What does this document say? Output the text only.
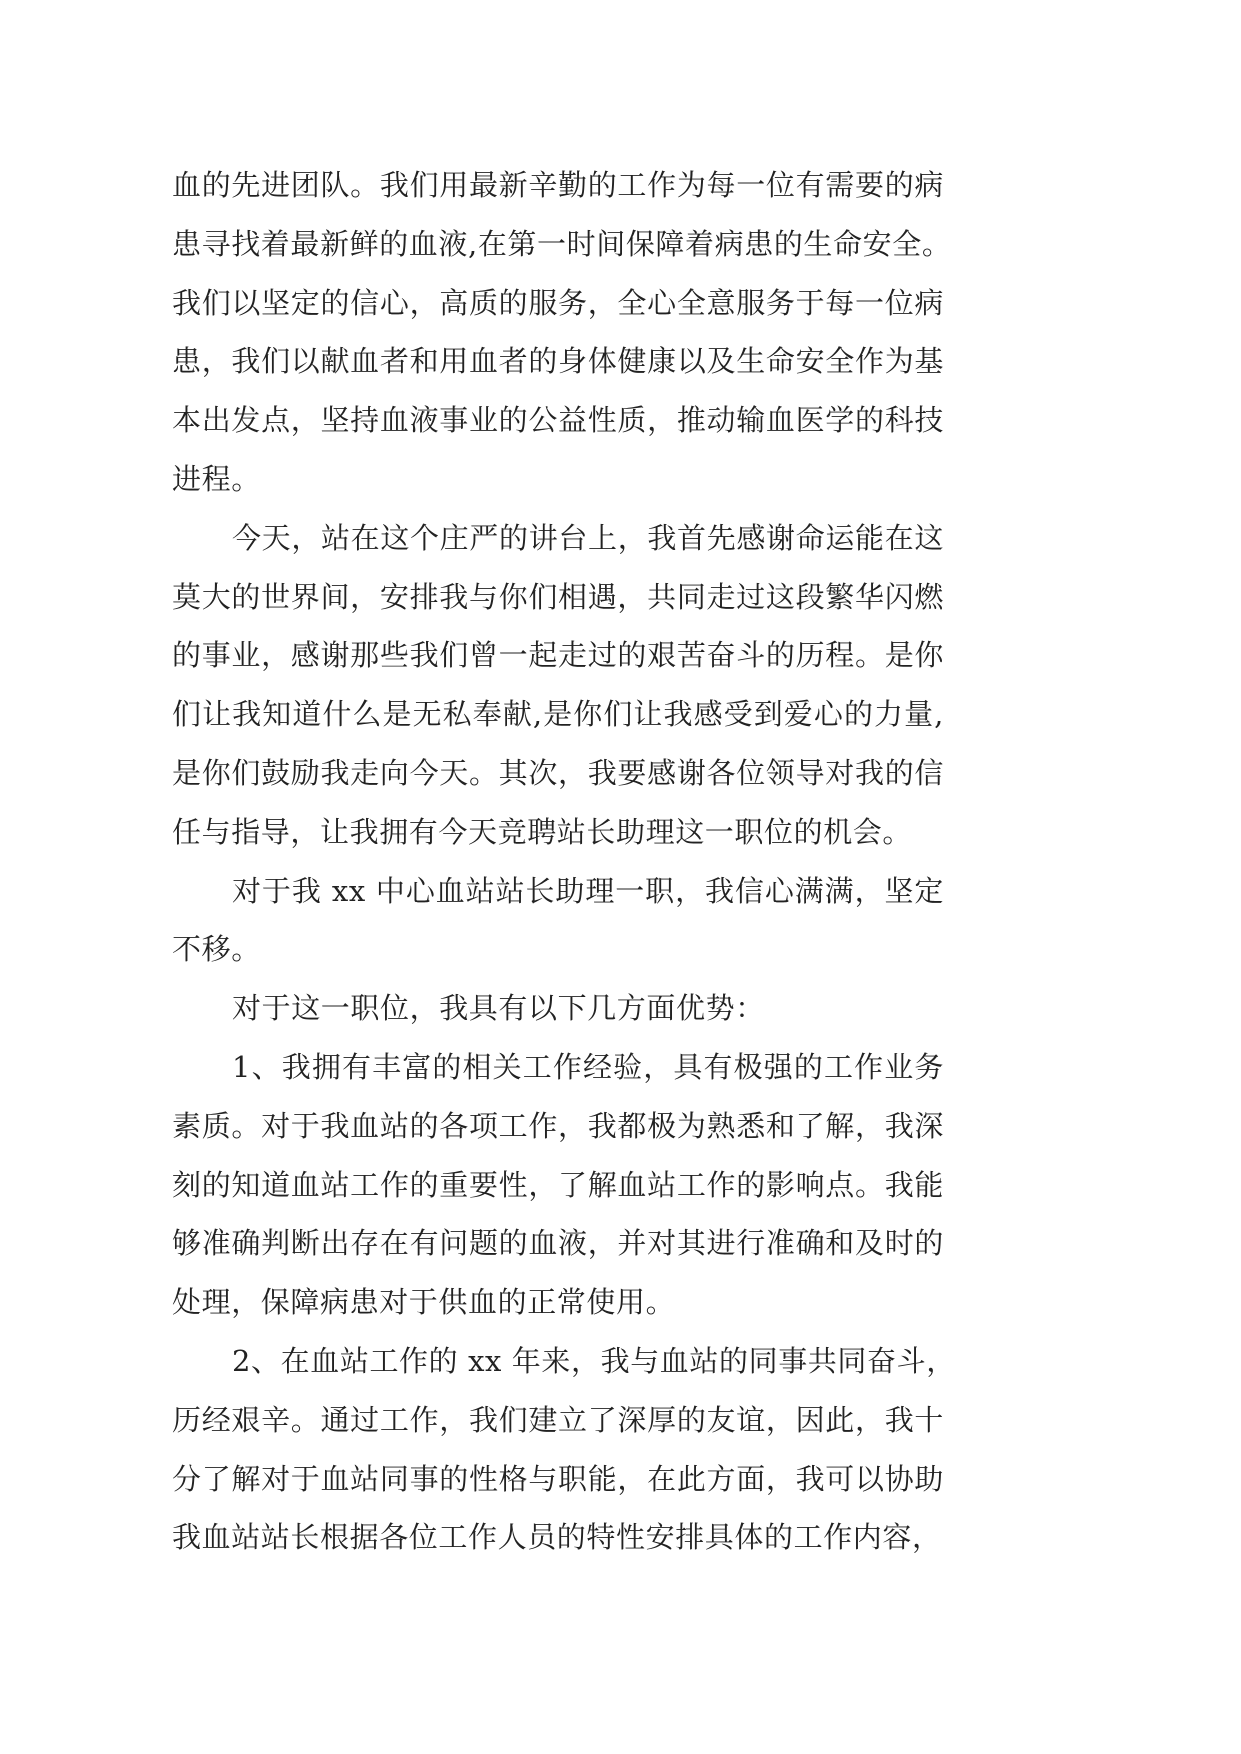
血的先进团队。我们用最新辛勤的工作为每一位有需要的病
患寻找着最新鲜的血液,在第一时间保障着病患的生命安全。
我们以坚定的信心，高质的服务，全心全意服务于每一位病
患，我们以献血者和用血者的身体健康以及生命安全作为基
本出发点，坚持血液事业的公益性质，推动输血医学的科技
进程。
今天，站在这个庄严的讲台上，我首先感谢命运能在这
莫大的世界间，安排我与你们相遇，共同走过这段繁华闪燃
的事业，感谢那些我们曾一起走过的艰苦奋斗的历程。是你
们让我知道什么是无私奉献,是你们让我感受到爱心的力量,
是你们鼓励我走向今天。其次，我要感谢各位领导对我的信
任与指导，让我拥有今天竞聘站长助理这一职位的机会。
对于我 xx 中心血站站长助理一职，我信心满满，坚定
不移。
对于这一职位，我具有以下几方面优势：
1、我拥有丰富的相关工作经验，具有极强的工作业务
素质。对于我血站的各项工作，我都极为熟悉和了解，我深
刻的知道血站工作的重要性，了解血站工作的影响点。我能
够准确判断出存在有问题的血液，并对其进行准确和及时的
处理，保障病患对于供血的正常使用。
2、在血站工作的 xx 年来，我与血站的同事共同奋斗，
历经艰辛。通过工作，我们建立了深厚的友谊，因此，我十
分了解对于血站同事的性格与职能，在此方面，我可以协助
我血站站长根据各位工作人员的特性安排具体的工作内容，
